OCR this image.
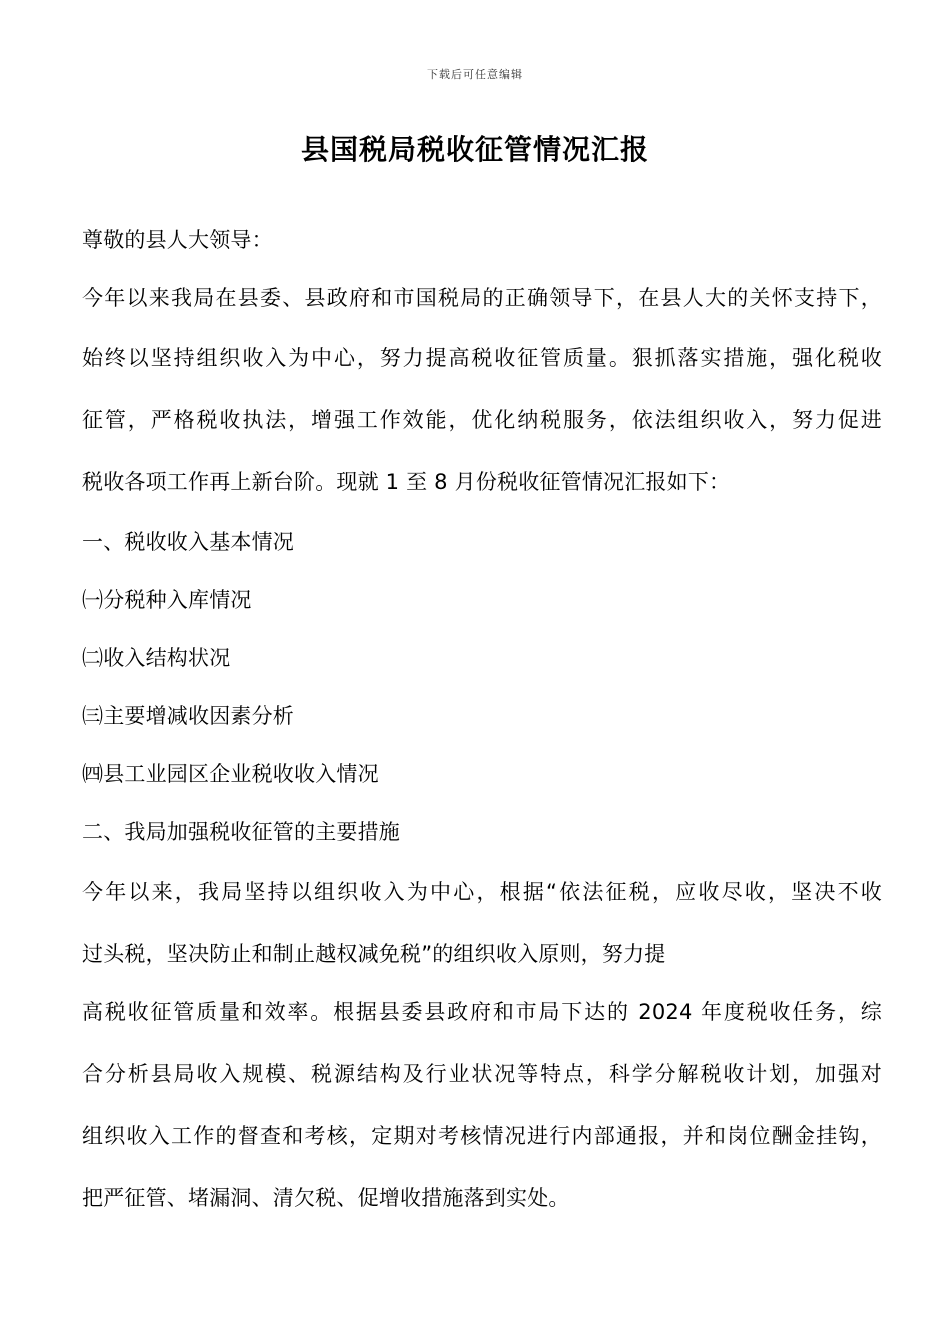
下载后可任意编辑
县国税局税收征管情况汇报
尊敬的县人大领导：
今年以来我局在县委、县政府和市国税局的正确领导下，在县人大的关怀支持下，
始终以坚持组织收入为中心，努力提高税收征管质量。狠抓落实措施，强化税收
征管，严格税收执法，增强工作效能，优化纳税服务，依法组织收入，努力促进
税收各项工作再上新台阶。现就 1 至 8 月份税收征管情况汇报如下：
一、税收收入基本情况
㈠分税种入库情况
㈡收入结构状况
㈢主要增减收因素分析
㈣县工业园区企业税收收入情况
二、我局加强税收征管的主要措施
今年以来，我局坚持以组织收入为中心，根据“依法征税，应收尽收，坚决不收
过头税，坚决防止和制止越权减免税”的组织收入原则，努力提
高税收征管质量和效率。根据县委县政府和市局下达的 2024 年度税收任务，综
合分析县局收入规模、税源结构及行业状况等特点，科学分解税收计划，加强对
组织收入工作的督查和考核，定期对考核情况进行内部通报，并和岗位酬金挂钩，
把严征管、堵漏洞、清欠税、促增收措施落到实处。
